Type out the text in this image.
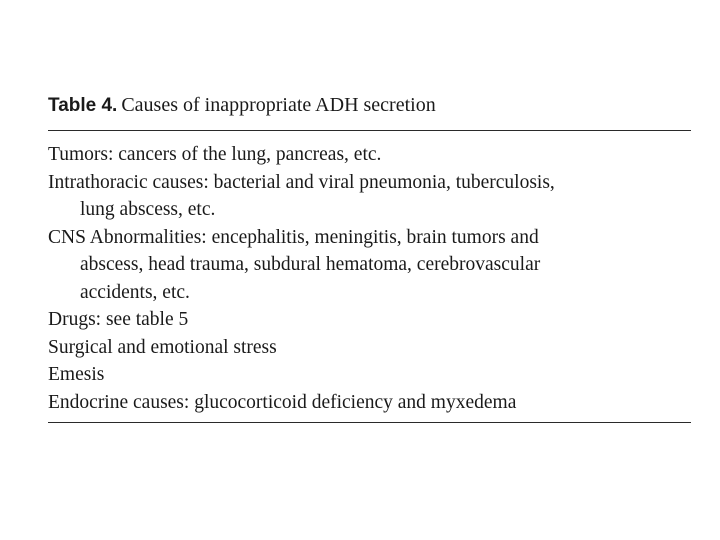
Table 4. Causes of inappropriate ADH secretion
Tumors: cancers of the lung, pancreas, etc.
Intrathoracic causes: bacterial and viral pneumonia, tuberculosis,
lung abscess, etc.
CNS Abnormalities: encephalitis, meningitis, brain tumors and
abscess, head trauma, subdural hematoma, cerebrovascular
accidents, etc.
Drugs: see table 5
Surgical and emotional stress
Emesis
Endocrine causes: glucocorticoid deficiency and myxedema
